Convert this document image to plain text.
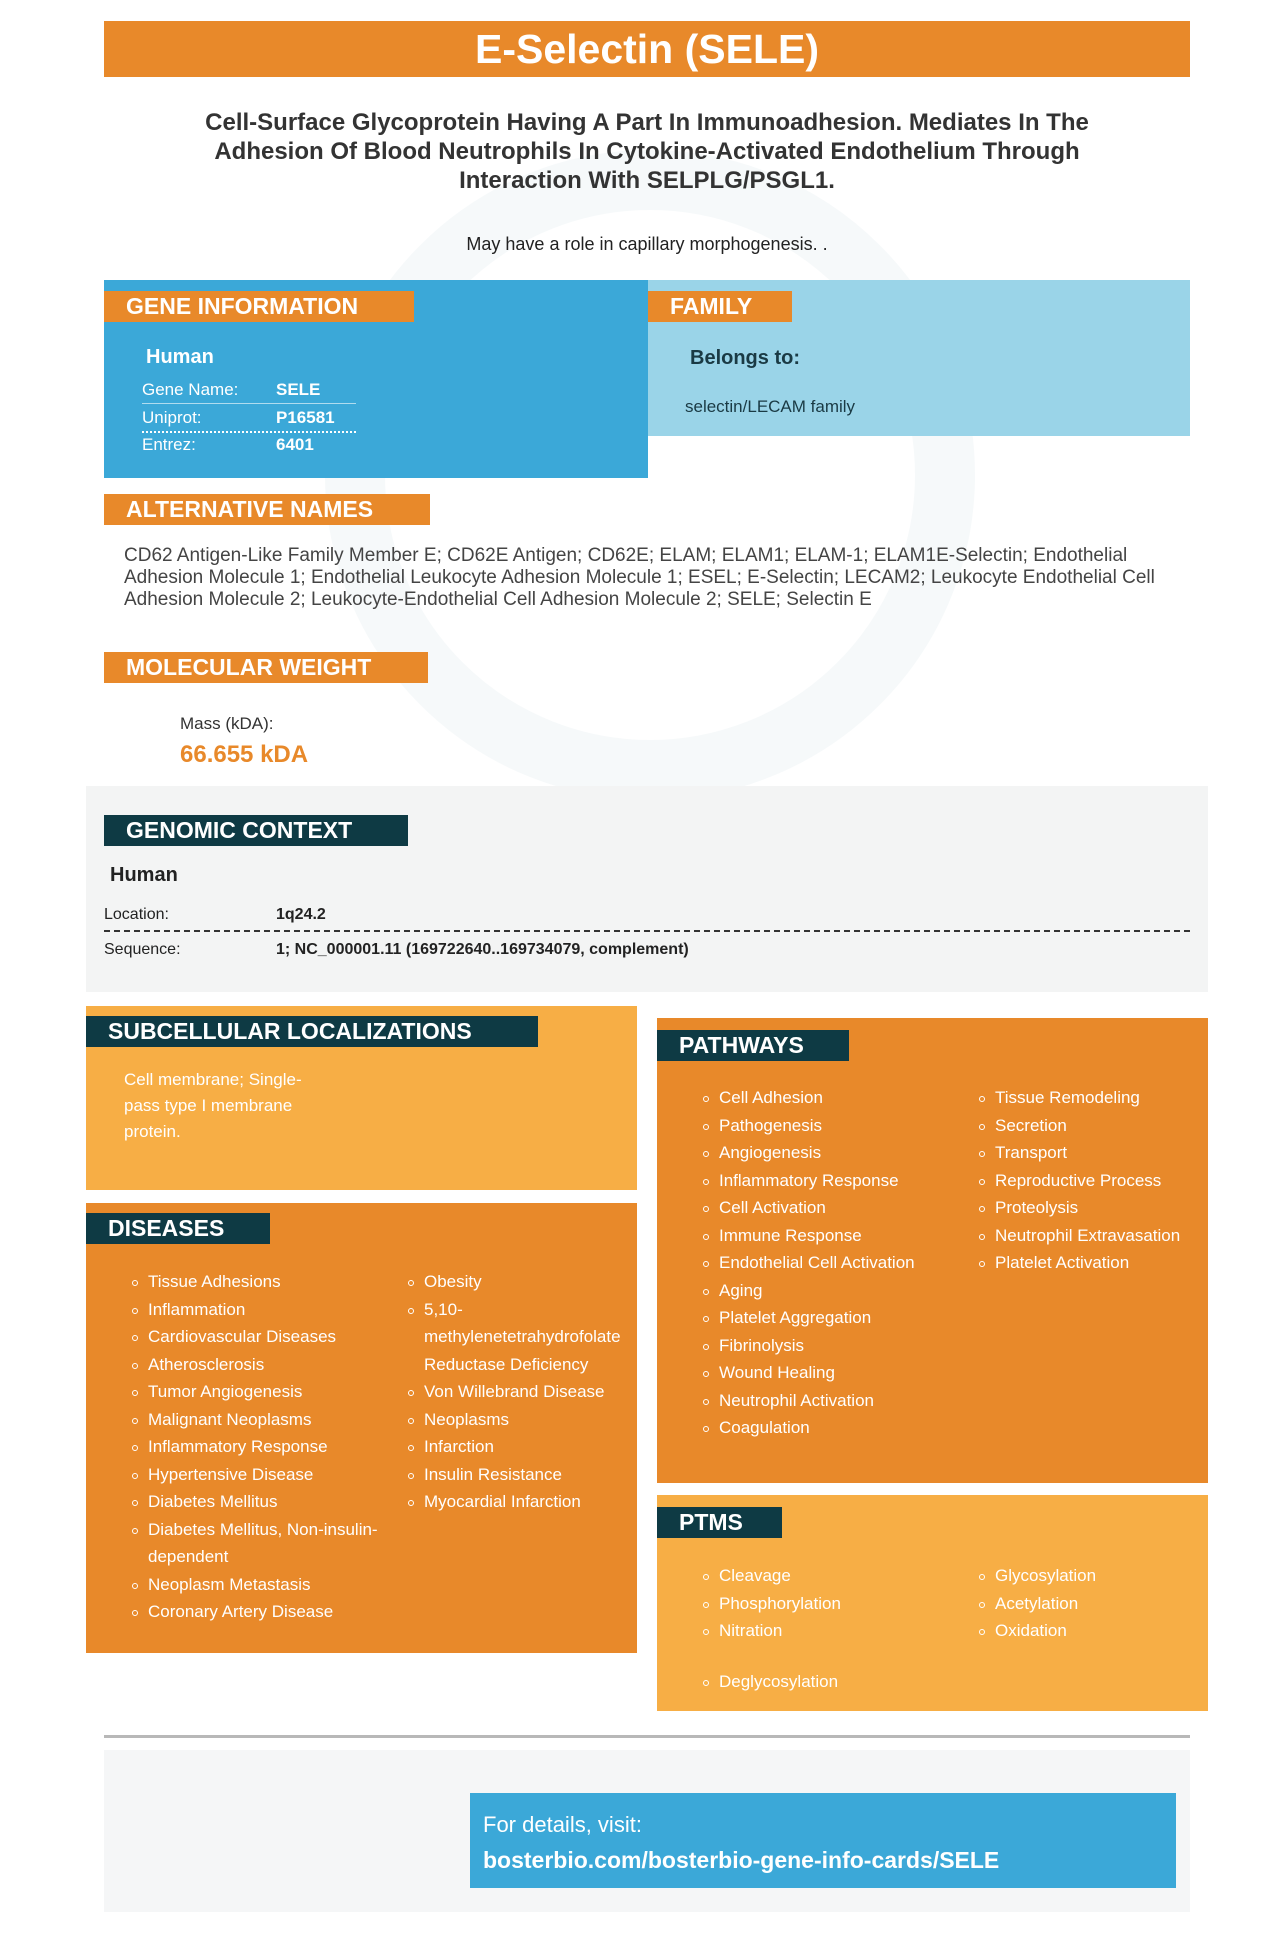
E-Selectin (SELE)
Cell-Surface Glycoprotein Having A Part In Immunoadhesion. Mediates In The Adhesion Of Blood Neutrophils In Cytokine-Activated Endothelium Through Interaction With SELPLG/PSGL1.
May have a role in capillary morphogenesis. .
GENE INFORMATION
Human
Gene Name: SELE
Uniprot:	P16581
Entrez:	6401
FAMILY
Belongs to:
selectin/LECAM family
ALTERNATIVE NAMES
CD62 Antigen-Like Family Member E; CD62E Antigen; CD62E; ELAM; ELAM1; ELAM-1; ELAM1E-Selectin; Endothelial Adhesion Molecule 1; Endothelial Leukocyte Adhesion Molecule 1; ESEL; E-Selectin; LECAM2; Leukocyte Endothelial Cell Adhesion Molecule 2; Leukocyte-Endothelial Cell Adhesion Molecule 2; SELE; Selectin E
MOLECULAR WEIGHT
Mass (kDA):
66.655 kDA
GENOMIC CONTEXT
Human
Location:	1q24.2
Sequence:	1; NC_000001.11 (169722640..169734079, complement)
SUBCELLULAR LOCALIZATIONS
Cell membrane; Single-pass type I membrane protein.
DISEASES
Tissue Adhesions
Inflammation
Cardiovascular Diseases
Atherosclerosis
Tumor Angiogenesis
Malignant Neoplasms
Inflammatory Response
Hypertensive Disease
Diabetes Mellitus
Diabetes Mellitus, Non-insulin-dependent
Neoplasm Metastasis
Coronary Artery Disease
Obesity
5,10-methylenetetrahydrofolate Reductase Deficiency
Von Willebrand Disease
Neoplasms
Infarction
Insulin Resistance
Myocardial Infarction
PATHWAYS
Cell Adhesion
Pathogenesis
Angiogenesis
Inflammatory Response
Cell Activation
Immune Response
Endothelial Cell Activation
Aging
Platelet Aggregation
Fibrinolysis
Wound Healing
Neutrophil Activation
Coagulation
Tissue Remodeling
Secretion
Transport
Reproductive Process
Proteolysis
Neutrophil Extravasation
Platelet Activation
PTMS
Cleavage
Phosphorylation
Nitration
Glycosylation
Acetylation
Oxidation
Deglycosylation
For details, visit:
bosterbio.com/bosterbio-gene-info-cards/SELE
